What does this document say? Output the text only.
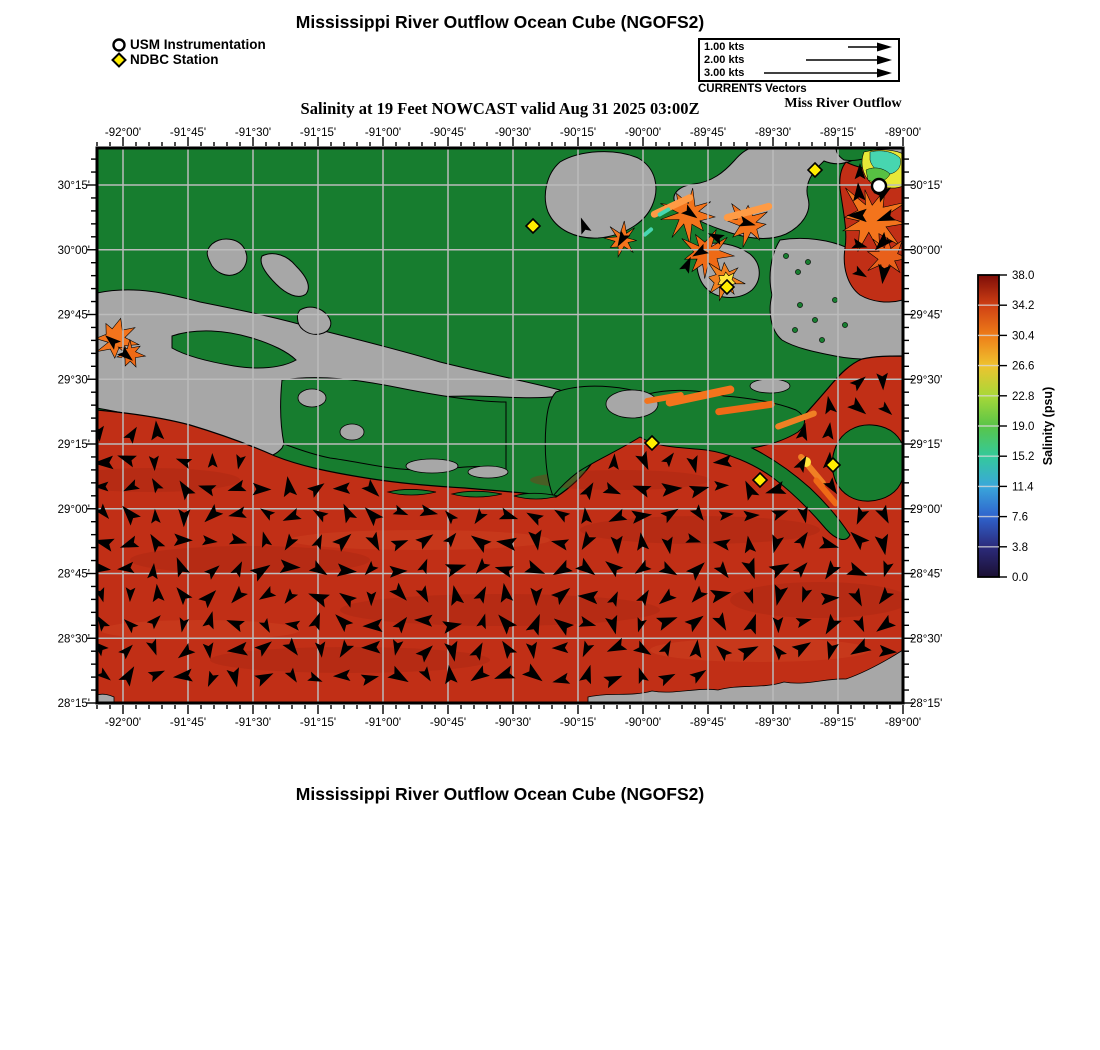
-92°00'
-92°00'
-91°45'
-91°45'
-91°30'
-91°30'
-91°15'
-91°15'
-91°00'
-91°00'
-90°45'
-90°45'
-90°30'
-90°30'
-90°15'
-90°15'
-90°00'
-90°00'
-89°45'
-89°45'
-89°30'
-89°30'
-89°15'
-89°15'
-89°00'
-89°00'
30°15'	30°15'
30°00'	30°00'
29°45'	29°45'
29°30'	29°30'
29°15'	29°15'
29°00'	29°00'
28°45'	28°45'
28°30'	28°30'
28°15'	28°15'
38.0
34.2
30.4
26.6
22.8
19.0
15.2
11.4
7.6
3.8
0.0
Salinity (psu)
Mississippi River Outflow Ocean Cube (NGOFS2)
USM Instrumentation
NDBC Station
1.00 kts
2.00 kts
3.00 kts
CURRENTS Vectors
Miss River Outflow
Salinity at 19 Feet NOWCAST valid Aug 31 2025 03:00Z
Mississippi River Outflow Ocean Cube (NGOFS2)
